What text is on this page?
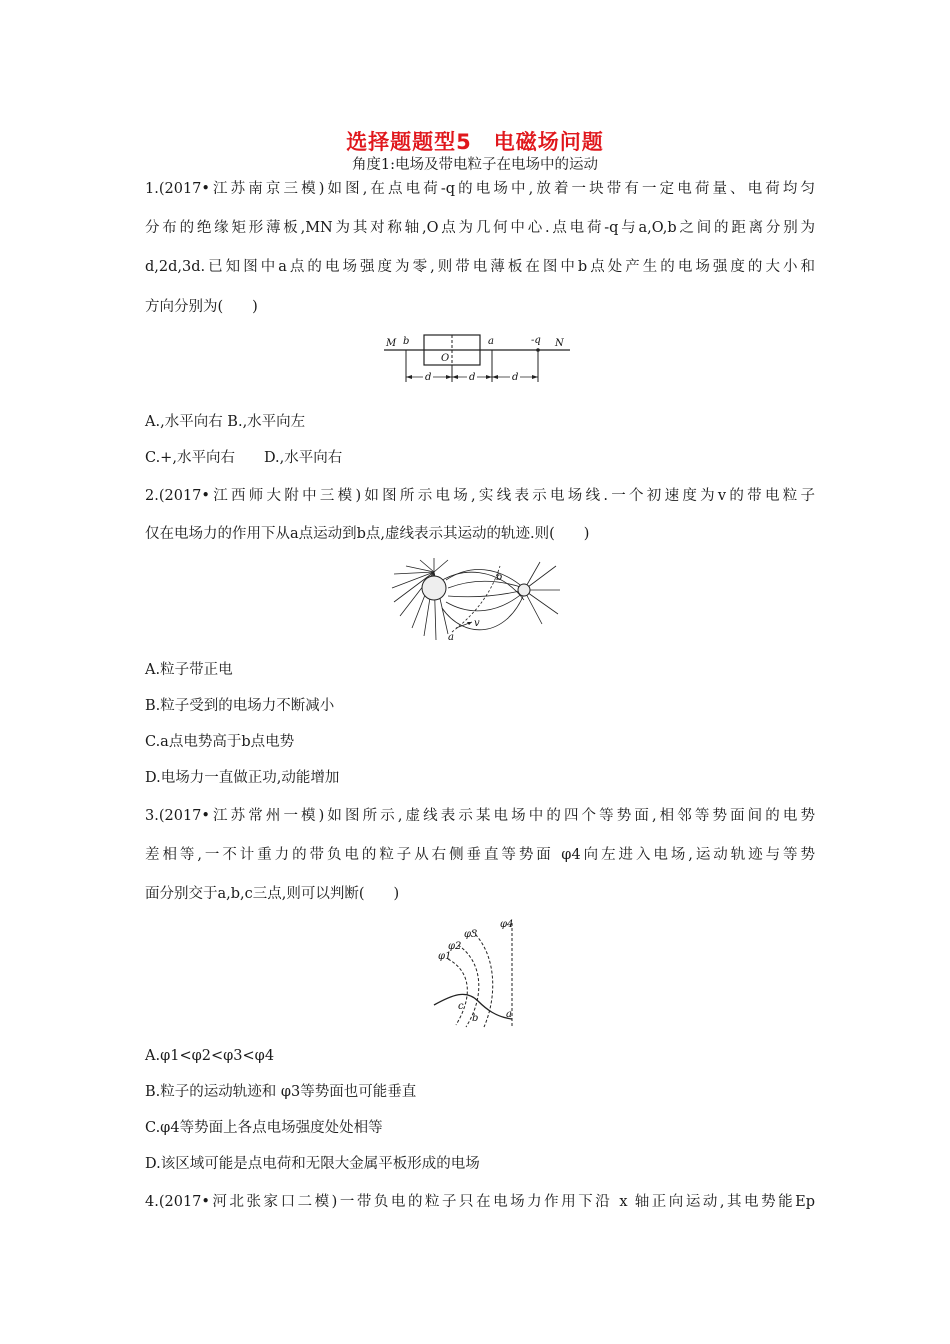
选择题题型5　电磁场问题
角度1:电场及带电粒子在电场中的运动
1.(2017•江苏南京三模)如图,在点电荷-q的电场中,放着一块带有一定电荷量、电荷均匀
分布的绝缘矩形薄板,MN为其对称轴,O点为几何中心.点电荷-q与a,O,b之间的距离分别为
d,2d,3d.已知图中a点的电场强度为零,则带电薄板在图中b点处产生的电场强度的大小和
方向分别为(　　)
M b
O
a	-q N
d	d	d
A.,水平向右 B.,水平向左
C.+,水平向右　　D.,水平向右
2.(2017•江西师大附中三模)如图所示电场,实线表示电场线.一个初速度为v的带电粒子
仅在电场力的作用下从a点运动到b点,虚线表示其运动的轨迹.则(　　)
a
b
v
A.粒子带正电
B.粒子受到的电场力不断减小
C.a点电势高于b点电势
D.电场力一直做正功,动能增加
3.(2017•江苏常州一模)如图所示,虚线表示某电场中的四个等势面,相邻等势面间的电势
差相等,一不计重力的带负电的粒子从右侧垂直等势面 φ4向左进入电场,运动轨迹与等势
面分别交于a,b,c三点,则可以判断(　　)
φ1
φ2
φ3
φ4
a
b
c
A.φ1<φ2<φ3<φ4
B.粒子的运动轨迹和 φ3等势面也可能垂直
C.φ4等势面上各点电场强度处处相等
D.该区域可能是点电荷和无限大金属平板形成的电场
4.(2017•河北张家口二模)一带负电的粒子只在电场力作用下沿 x 轴正向运动,其电势能Ep
